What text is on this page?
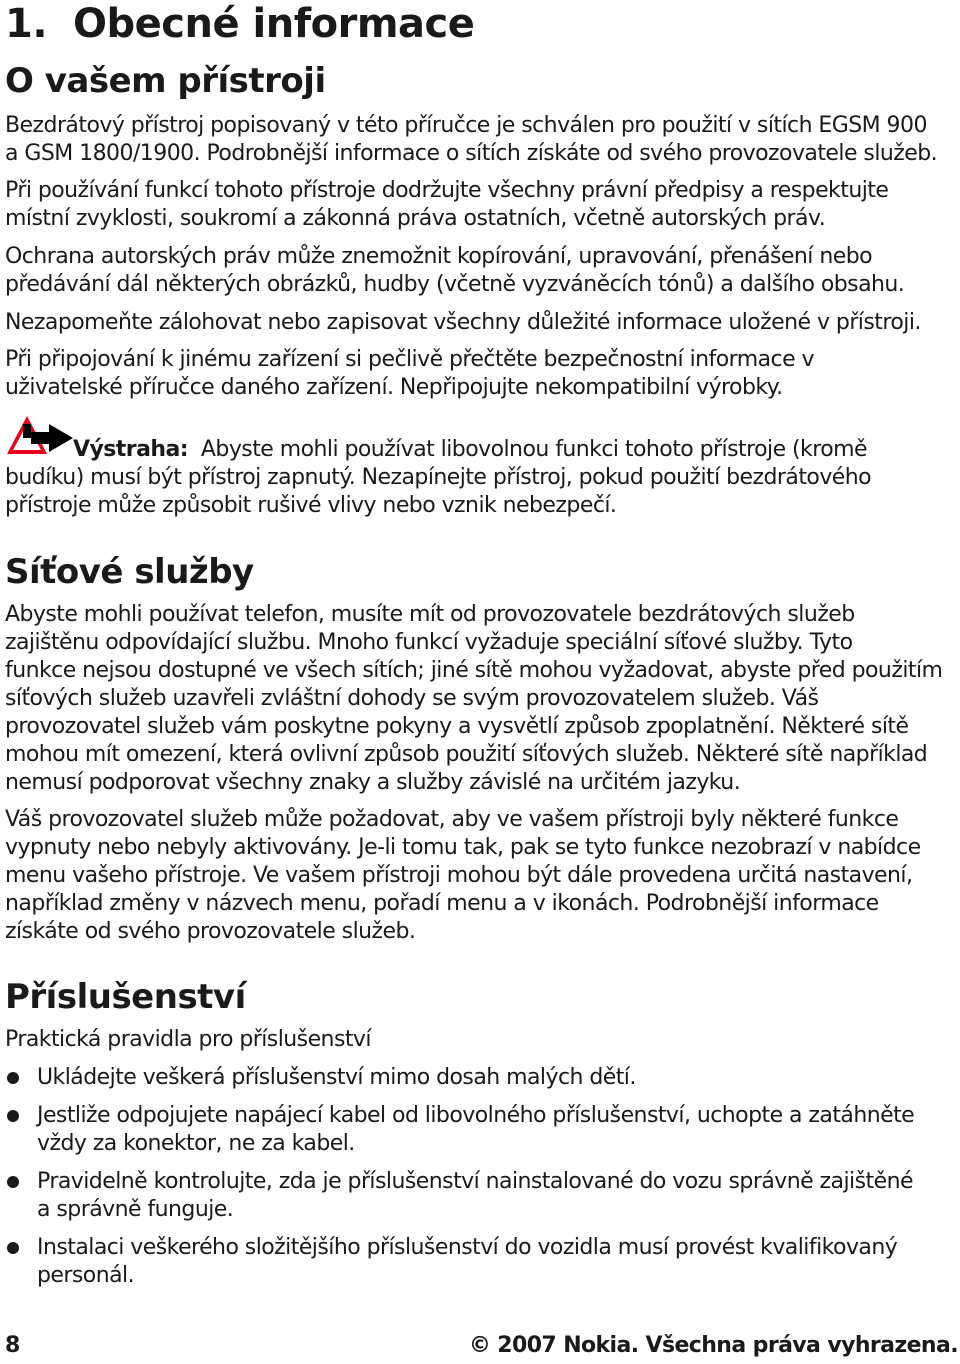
1. Obecné informace
O vašem přístroji

Bezdrátový přístroj popisovaný v této příručce je schválen pro použití v sítích EGSM 900
a GSM 1800/1900. Podrobnější informace o sítích získáte od svého provozovatele služeb.

Při používání funkcí tohoto přístroje dodržujte všechny právní předpisy a respektujte
místní zvyklosti, soukromí a zákonná práva ostatních, včetně autorských práv.

Ochrana autorských práv může znemožnit kopírování, upravování, přenášení nebo
předávání dál některých obrázků, hudby (včetně vyzváněcích tónů) a dalšího obsahu.

Nezapomeňte zálohovat nebo zapisovat všechny důležité informace uložené v přístroji.

Při připojování k jinému zařízení si pečlivě přečtěte bezpečnostní informace v
uživatelské příručce daného zařízení. Nepřipojujte nekompatibilní výrobky.

Výstraha:  Abyste mohli používat libovolnou funkci tohoto přístroje (kromě
budíku) musí být přístroj zapnutý. Nezapínejte přístroj, pokud použití bezdrátového
přístroje může způsobit rušivé vlivy nebo vznik nebezpečí.

Síťové služby

Abyste mohli používat telefon, musíte mít od provozovatele bezdrátových služeb
zajištěnu odpovídající službu. Mnoho funkcí vyžaduje speciální síťové služby. Tyto
funkce nejsou dostupné ve všech sítích; jiné sítě mohou vyžadovat, abyste před použitím
síťových služeb uzavřeli zvláštní dohody se svým provozovatelem služeb. Váš
provozovatel služeb vám poskytne pokyny a vysvětlí způsob zpoplatnění. Některé sítě
mohou mít omezení, která ovlivní způsob použití síťových služeb. Některé sítě například
nemusí podporovat všechny znaky a služby závislé na určitém jazyku.

Váš provozovatel služeb může požadovat, aby ve vašem přístroji byly některé funkce
vypnuty nebo nebyly aktivovány. Je-li tomu tak, pak se tyto funkce nezobrazí v nabídce
menu vašeho přístroje. Ve vašem přístroji mohou být dále provedena určitá nastavení,
například změny v názvech menu, pořadí menu a v ikonách. Podrobnější informace
získáte od svého provozovatele služeb.

Příslušenství

Praktická pravidla pro příslušenství

Ukládejte veškerá příslušenství mimo dosah malých dětí.
Jestliže odpojujete napájecí kabel od libovolného příslušenství, uchopte a zatáhněte
vždy za konektor, ne za kabel.
Pravidelně kontrolujte, zda je příslušenství nainstalované do vozu správně zajištěné
a správně funguje.
Instalaci veškerého složitějšího příslušenství do vozidla musí provést kvalifikovaný
personál.
8	© 2007 Nokia. Všechna práva vyhrazena.
